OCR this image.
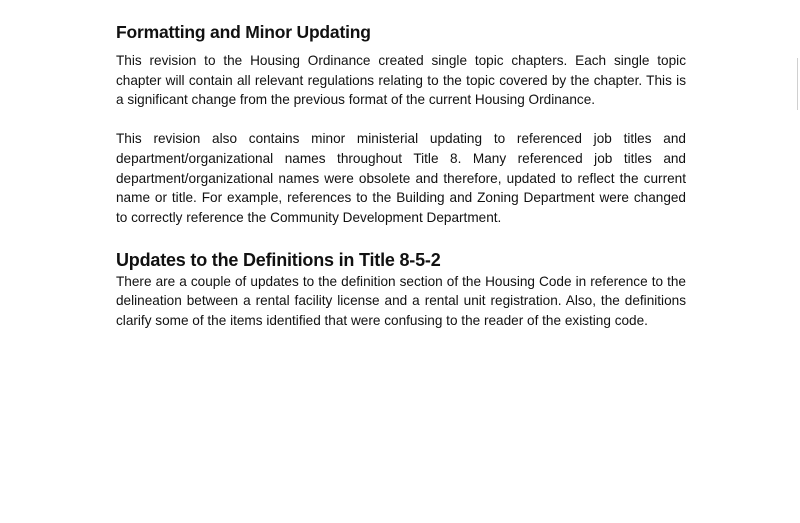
Formatting and Minor Updating

This revision to the Housing Ordinance created single topic chapters. Each single topic chapter will contain all relevant regulations relating to the topic covered by the chapter. This is a significant change from the previous format of the current Housing Ordinance.

This revision also contains minor ministerial updating to referenced job titles and department/organizational names throughout Title 8. Many referenced job titles and department/organizational names were obsolete and therefore, updated to reflect the current name or title. For example, references to the Building and Zoning Department were changed to correctly reference the Community Development Department.

Updates to the Definitions in Title 8-5-2

There are a couple of updates to the definition section of the Housing Code in reference to the delineation between a rental facility license and a rental unit registration. Also, the definitions clarify some of the items identified that were confusing to the reader of the existing code.
